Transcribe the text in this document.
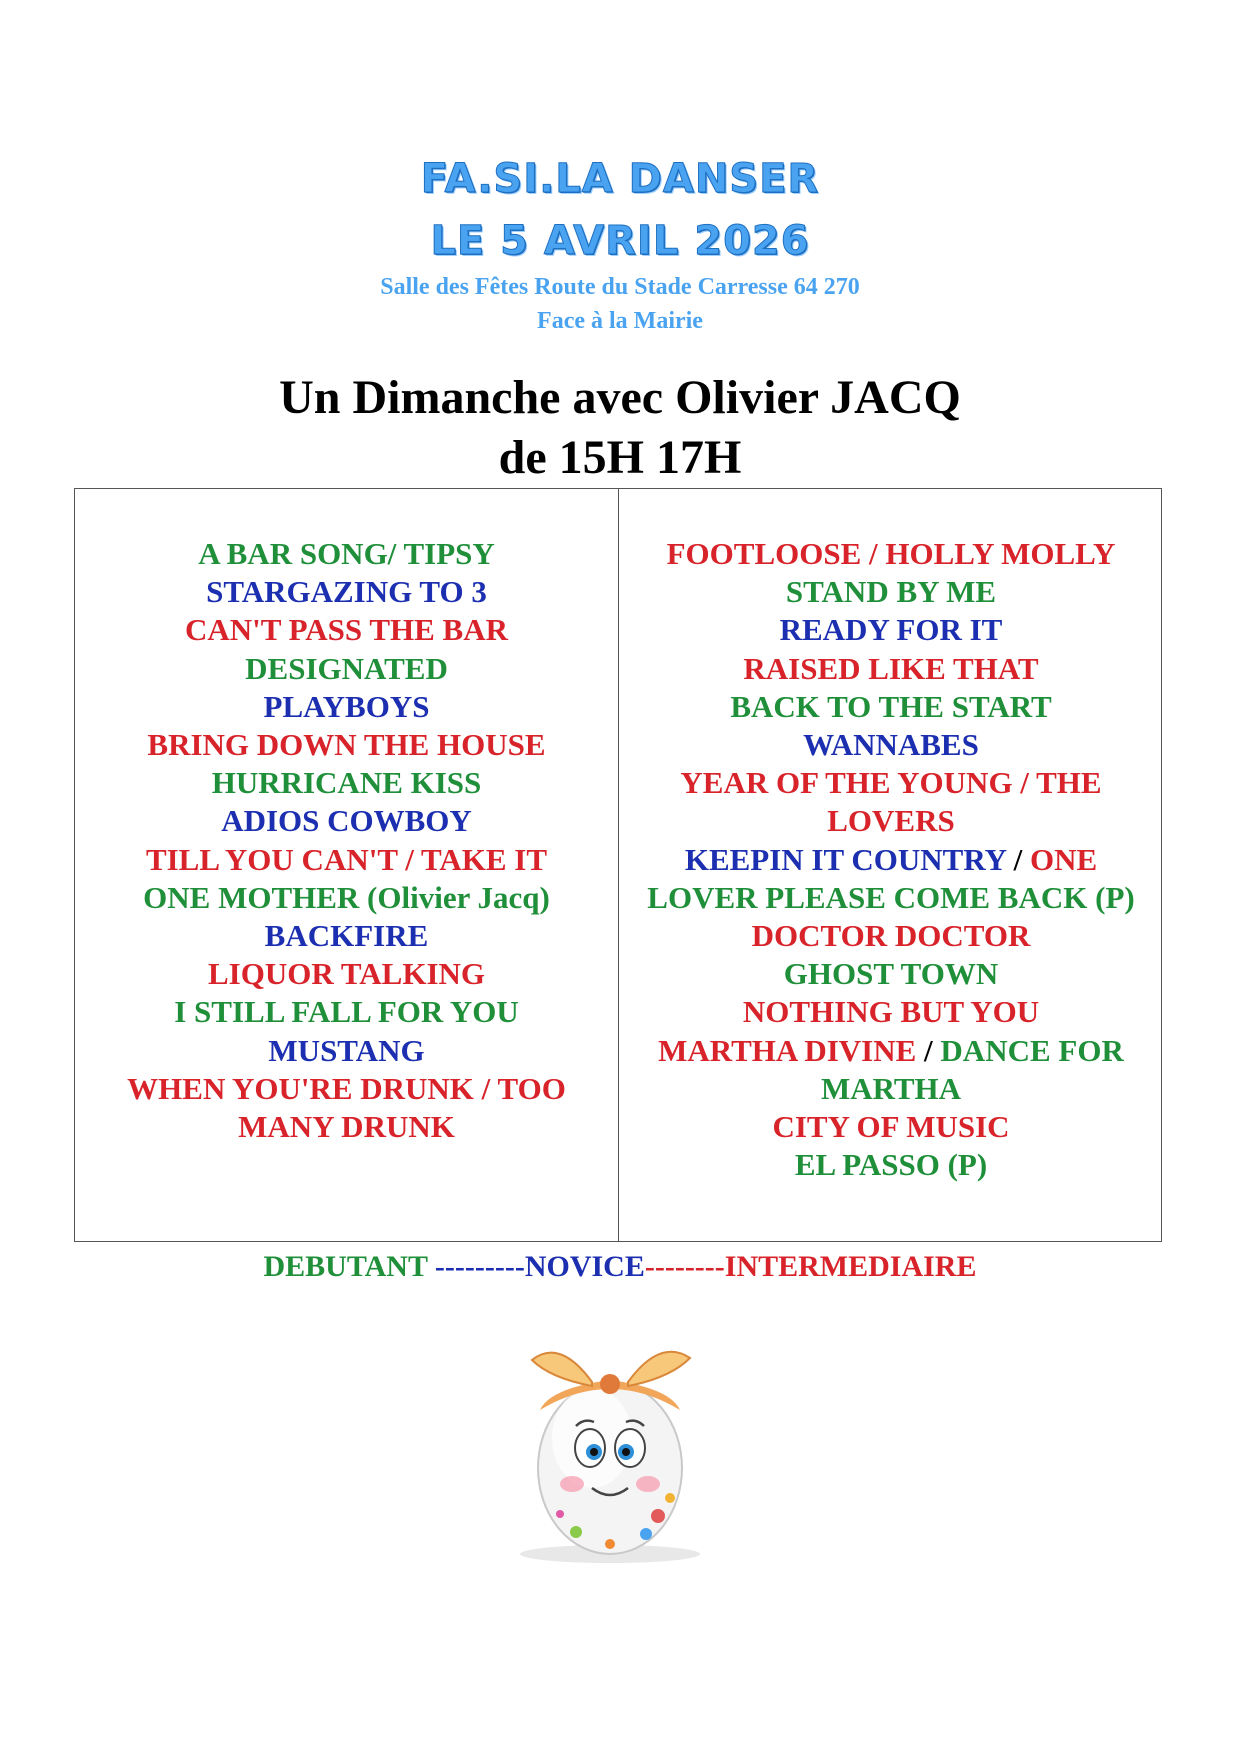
FA.SI.LA DANSER
LE 5 AVRIL 2026
Salle des Fêtes Route du Stade Carresse 64 270
Face à la Mairie
Un Dimanche avec Olivier JACQ
de 15H 17H
A BAR SONG/ TIPSY
STARGAZING TO 3
CAN'T PASS THE BAR
DESIGNATED
PLAYBOYS
BRING DOWN THE HOUSE
HURRICANE KISS
ADIOS COWBOY
TILL YOU CAN'T / TAKE IT
ONE MOTHER (Olivier Jacq)
BACKFIRE
LIQUOR TALKING
I STILL FALL FOR YOU
MUSTANG
WHEN YOU'RE DRUNK / TOO
MANY DRUNK
FOOTLOOSE / HOLLY MOLLY
STAND BY ME
READY FOR IT
RAISED LIKE THAT
BACK TO THE START
WANNABES
YEAR OF THE YOUNG / THE
LOVERS
KEEPIN IT COUNTRY / ONE
LOVER PLEASE COME BACK (P)
DOCTOR DOCTOR
GHOST TOWN
NOTHING BUT YOU
MARTHA DIVINE / DANCE FOR
MARTHA
CITY OF MUSIC
EL PASSO (P)
DEBUTANT ---------NOVICE--------INTERMEDIAIRE
